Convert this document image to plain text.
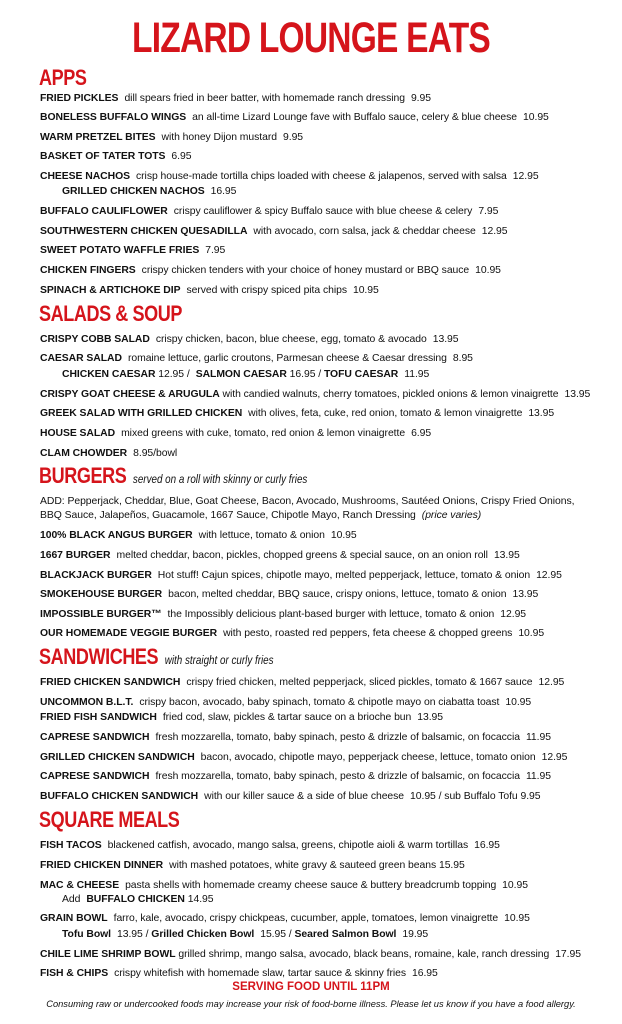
LIZARD LOUNGE EATS
APPS
FRIED PICKLES dill spears fried in beer batter, with homemade ranch dressing 9.95
BONELESS BUFFALO WINGS an all-time Lizard Lounge fave with Buffalo sauce, celery & blue cheese 10.95
WARM PRETZEL BITES with honey Dijon mustard 9.95
BASKET OF TATER TOTS 6.95
CHEESE NACHOS crisp house-made tortilla chips loaded with cheese & jalapenos, served with salsa 12.95
GRILLED CHICKEN NACHOS 16.95
BUFFALO CAULIFLOWER crispy cauliflower & spicy Buffalo sauce with blue cheese & celery 7.95
SOUTHWESTERN CHICKEN QUESADILLA with avocado, corn salsa, jack & cheddar cheese 12.95
SWEET POTATO WAFFLE FRIES 7.95
CHICKEN FINGERS crispy chicken tenders with your choice of honey mustard or BBQ sauce 10.95
SPINACH & ARTICHOKE DIP served with crispy spiced pita chips 10.95
SALADS & SOUP
CRISPY COBB SALAD crispy chicken, bacon, blue cheese, egg, tomato & avocado 13.95
CAESAR SALAD romaine lettuce, garlic croutons, Parmesan cheese & Caesar dressing 8.95
CHICKEN CAESAR 12.95 / SALMON CAESAR 16.95 / TOFU CAESAR 11.95
CRISPY GOAT CHEESE & ARUGULA with candied walnuts, cherry tomatoes, pickled onions & lemon vinaigrette 13.95
GREEK SALAD WITH GRILLED CHICKEN with olives, feta, cuke, red onion, tomato & lemon vinaigrette 13.95
HOUSE SALAD mixed greens with cuke, tomato, red onion & lemon vinaigrette 6.95
CLAM CHOWDER 8.95/bowl
BURGERS served on a roll with skinny or curly fries
ADD: Pepperjack, Cheddar, Blue, Goat Cheese, Bacon, Avocado, Mushrooms, Sautéed Onions, Crispy Fried Onions,
BBQ Sauce, Jalapeños, Guacamole, 1667 Sauce, Chipotle Mayo, Ranch Dressing (price varies)
100% BLACK ANGUS BURGER with lettuce, tomato & onion 10.95
1667 BURGER melted cheddar, bacon, pickles, chopped greens & special sauce, on an onion roll 13.95
BLACKJACK BURGER Hot stuff! Cajun spices, chipotle mayo, melted pepperjack, lettuce, tomato & onion 12.95
SMOKEHOUSE BURGER bacon, melted cheddar, BBQ sauce, crispy onions, lettuce, tomato & onion 13.95
IMPOSSIBLE BURGER™ the Impossibly delicious plant-based burger with lettuce, tomato & onion 12.95
OUR HOMEMADE VEGGIE BURGER with pesto, roasted red peppers, feta cheese & chopped greens 10.95
SANDWICHES with straight or curly fries
FRIED CHICKEN SANDWICH crispy fried chicken, melted pepperjack, sliced pickles, tomato & 1667 sauce 12.95
UNCOMMON B.L.T. crispy bacon, avocado, baby spinach, tomato & chipotle mayo on ciabatta toast 10.95
FRIED FISH SANDWICH fried cod, slaw, pickles & tartar sauce on a brioche bun 13.95
CAPRESE SANDWICH fresh mozzarella, tomato, baby spinach, pesto & drizzle of balsamic, on focaccia 11.95
GRILLED CHICKEN SANDWICH bacon, avocado, chipotle mayo, pepperjack cheese, lettuce, tomato onion 12.95
CAPRESE SANDWICH fresh mozzarella, tomato, baby spinach, pesto & drizzle of balsamic, on focaccia 11.95
BUFFALO CHICKEN SANDWICH with our killer sauce & a side of blue cheese 10.95 / sub Buffalo Tofu 9.95
SQUARE MEALS
FISH TACOS blackened catfish, avocado, mango salsa, greens, chipotle aioli & warm tortillas 16.95
FRIED CHICKEN DINNER with mashed potatoes, white gravy & sauteed green beans 15.95
MAC & CHEESE pasta shells with homemade creamy cheese sauce & buttery breadcrumb topping 10.95
Add BUFFALO CHICKEN 14.95
GRAIN BOWL farro, kale, avocado, crispy chickpeas, cucumber, apple, tomatoes, lemon vinaigrette 10.95
Tofu Bowl 13.95 / Grilled Chicken Bowl 15.95 / Seared Salmon Bowl 19.95
CHILE LIME SHRIMP BOWL grilled shrimp, mango salsa, avocado, black beans, romaine, kale, ranch dressing 17.95
FISH & CHIPS crispy whitefish with homemade slaw, tartar sauce & skinny fries 16.95
SERVING FOOD UNTIL 11PM
Consuming raw or undercooked foods may increase your risk of food-borne illness. Please let us know if you have a food allergy.
